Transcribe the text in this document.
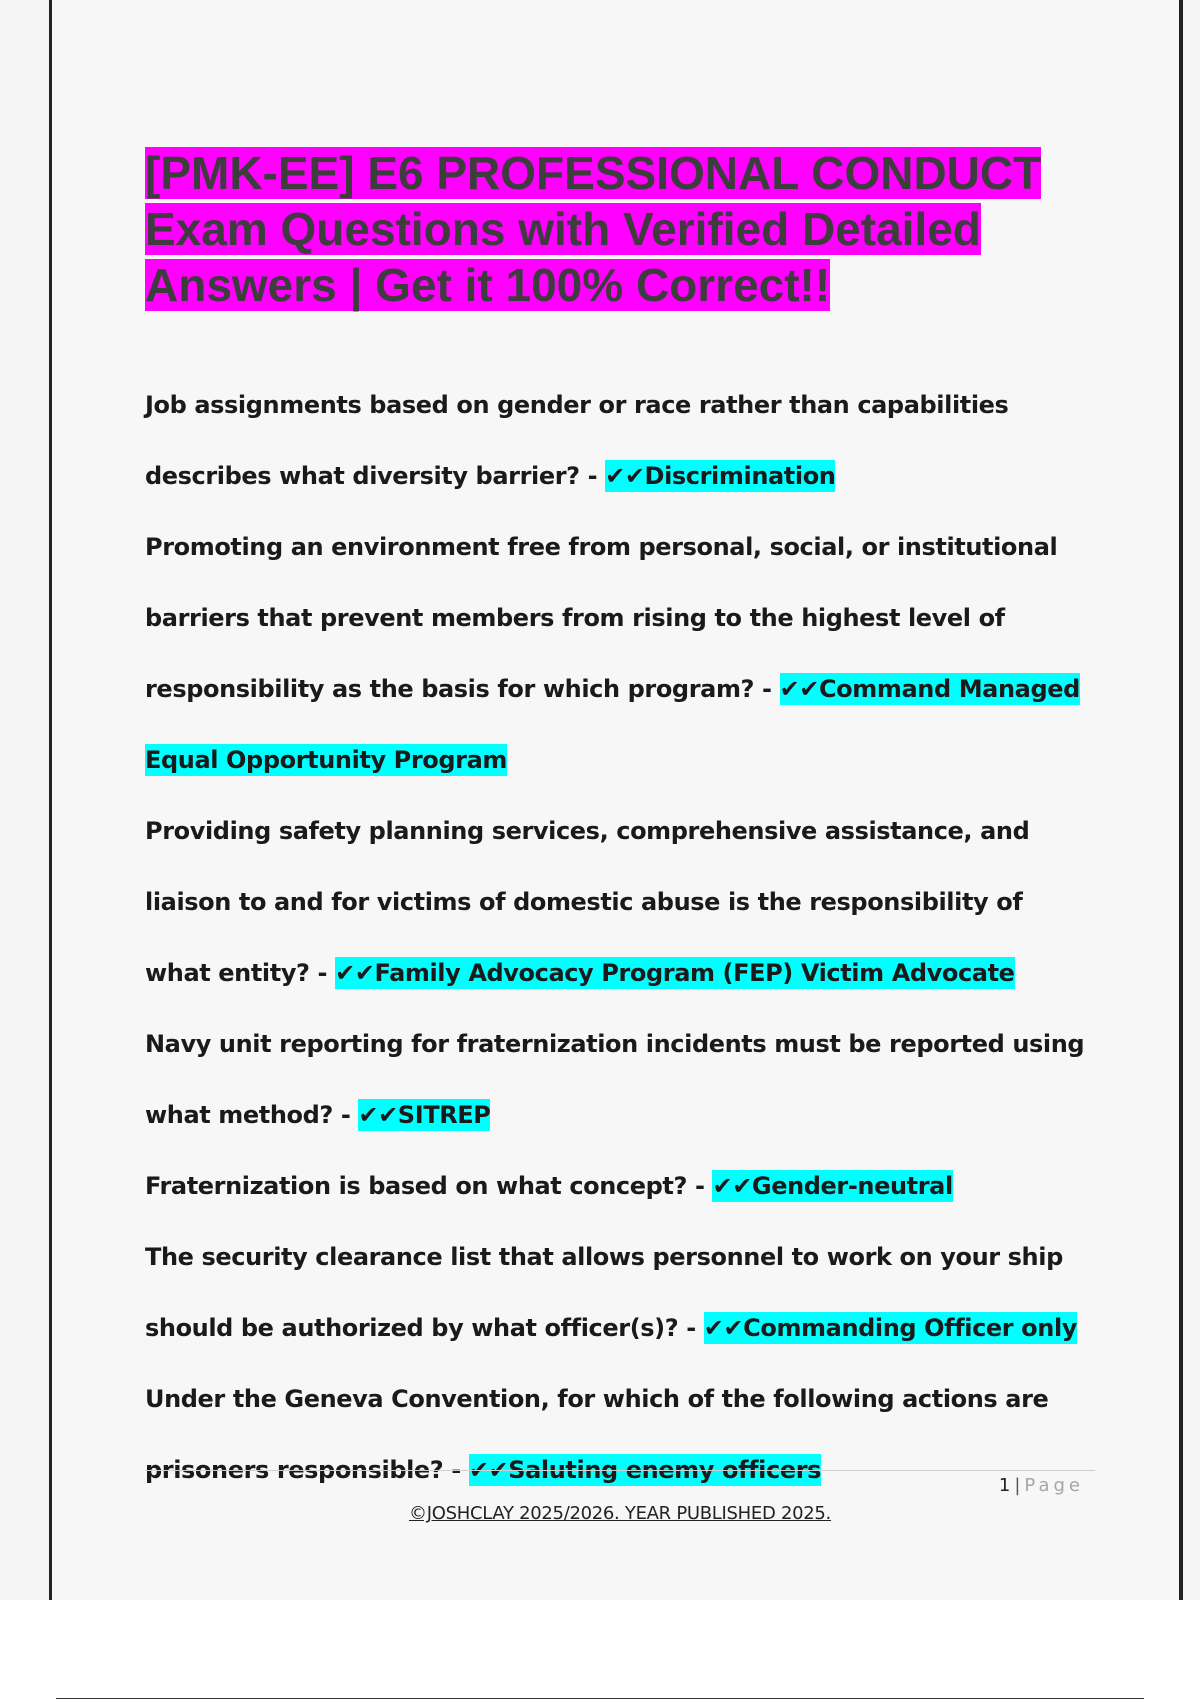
[PMK-EE] E6 PROFESSIONAL CONDUCT Exam Questions with Verified Detailed Answers | Get it 100% Correct!!
Job assignments based on gender or race rather than capabilities describes what diversity barrier? - ✔✔Discrimination
Promoting an environment free from personal, social, or institutional barriers that prevent members from rising to the highest level of responsibility as the basis for which program? - ✔✔Command Managed Equal Opportunity Program
Providing safety planning services, comprehensive assistance, and liaison to and for victims of domestic abuse is the responsibility of what entity? - ✔✔Family Advocacy Program (FEP) Victim Advocate
Navy unit reporting for fraternization incidents must be reported using what method? - ✔✔SITREP
Fraternization is based on what concept? - ✔✔Gender-neutral
The security clearance list that allows personnel to work on your ship should be authorized by what officer(s)? - ✔✔Commanding Officer only
Under the Geneva Convention, for which of the following actions are prisoners responsible? - ✔✔Saluting enemy officers
1 | Page
©JOSHCLAY 2025/2026. YEAR PUBLISHED 2025.
